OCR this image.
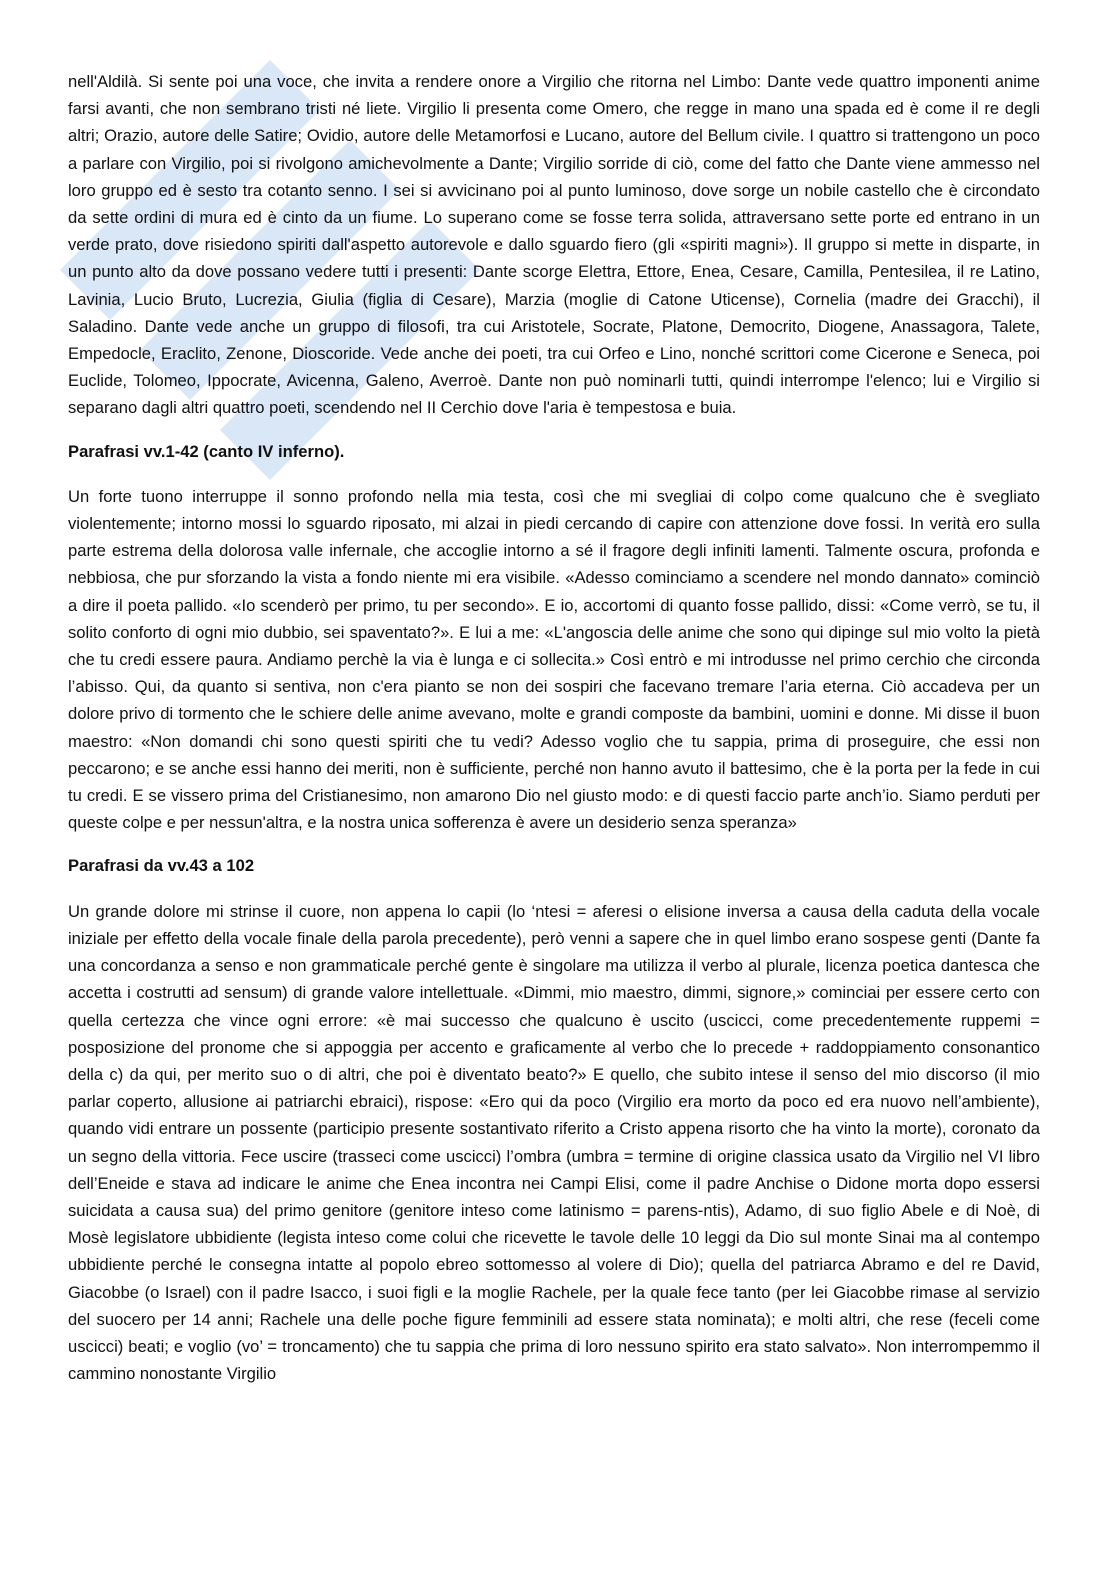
nell'Aldilà. Si sente poi una voce, che invita a rendere onore a Virgilio che ritorna nel Limbo: Dante vede quattro imponenti anime farsi avanti, che non sembrano tristi né liete. Virgilio li presenta come Omero, che regge in mano una spada ed è come il re degli altri; Orazio, autore delle Satire; Ovidio, autore delle Metamorfosi e Lucano, autore del Bellum civile. I quattro si trattengono un poco a parlare con Virgilio, poi si rivolgono amichevolmente a Dante; Virgilio sorride di ciò, come del fatto che Dante viene ammesso nel loro gruppo ed è sesto tra cotanto senno. I sei si avvicinano poi al punto luminoso, dove sorge un nobile castello che è circondato da sette ordini di mura ed è cinto da un fiume. Lo superano come se fosse terra solida, attraversano sette porte ed entrano in un verde prato, dove risiedono spiriti dall'aspetto autorevole e dallo sguardo fiero (gli «spiriti magni»). Il gruppo si mette in disparte, in un punto alto da dove possano vedere tutti i presenti: Dante scorge Elettra, Ettore, Enea, Cesare, Camilla, Pentesilea, il re Latino, Lavinia, Lucio Bruto, Lucrezia, Giulia (figlia di Cesare), Marzia (moglie di Catone Uticense), Cornelia (madre dei Gracchi), il Saladino. Dante vede anche un gruppo di filosofi, tra cui Aristotele, Socrate, Platone, Democrito, Diogene, Anassagora, Talete, Empedocle, Eraclito, Zenone, Dioscoride. Vede anche dei poeti, tra cui Orfeo e Lino, nonché scrittori come Cicerone e Seneca, poi Euclide, Tolomeo, Ippocrate, Avicenna, Galeno, Averroè. Dante non può nominarli tutti, quindi interrompe l'elenco; lui e Virgilio si separano dagli altri quattro poeti, scendendo nel II Cerchio dove l'aria è tempestosa e buia.

Parafrasi vv.1-42 (canto IV inferno).

Un forte tuono interruppe il sonno profondo nella mia testa, così che mi svegliai di colpo come qualcuno che è svegliato violentemente; intorno mossi lo sguardo riposato, mi alzai in piedi cercando di capire con attenzione dove fossi. In verità ero sulla parte estrema della dolorosa valle infernale, che accoglie intorno a sé il fragore degli infiniti lamenti. Talmente oscura, profonda e nebbiosa, che pur sforzando la vista a fondo niente mi era visibile. «Adesso cominciamo a scendere nel mondo dannato» cominciò a dire il poeta pallido. «Io scenderò per primo, tu per secondo». E io, accortomi di quanto fosse pallido, dissi: «Come verrò, se tu, il solito conforto di ogni mio dubbio, sei spaventato?». E lui a me: «L'angoscia delle anime che sono qui dipinge sul mio volto la pietà che tu credi essere paura. Andiamo perchè la via è lunga e ci sollecita.» Così entrò e mi introdusse nel primo cerchio che circonda l’abisso. Qui, da quanto si sentiva, non c'era pianto se non dei sospiri che facevano tremare l’aria eterna. Ciò accadeva per un dolore privo di tormento che le schiere delle anime avevano, molte e grandi composte da bambini, uomini e donne. Mi disse il buon maestro: «Non domandi chi sono questi spiriti che tu vedi? Adesso voglio che tu sappia, prima di proseguire, che essi non peccarono; e se anche essi hanno dei meriti, non è sufficiente, perché non hanno avuto il battesimo, che è la porta per la fede in cui tu credi. E se vissero prima del Cristianesimo, non amarono Dio nel giusto modo: e di questi faccio parte anch’io. Siamo perduti per queste colpe e per nessun'altra, e la nostra unica sofferenza è avere un desiderio senza speranza»

Parafrasi da vv.43 a 102

Un grande dolore mi strinse il cuore, non appena lo capii (lo ‘ntesi = aferesi o elisione inversa a causa della caduta della vocale iniziale per effetto della vocale finale della parola precedente), però venni a sapere che in quel limbo erano sospese genti (Dante fa una concordanza a senso e non grammaticale perché gente è singolare ma utilizza il verbo al plurale, licenza poetica dantesca che accetta i costrutti ad sensum) di grande valore intellettuale. «Dimmi, mio maestro, dimmi, signore,» cominciai per essere certo con quella certezza che vince ogni errore: «è mai successo che qualcuno è uscito (uscicci, come precedentemente ruppemi = posposizione del pronome che si appoggia per accento e graficamente al verbo che lo precede + raddoppiamento consonantico della c) da qui, per merito suo o di altri, che poi è diventato beato?» E quello, che subito intese il senso del mio discorso (il mio parlar coperto, allusione ai patriarchi ebraici), rispose: «Ero qui da poco (Virgilio era morto da poco ed era nuovo nell’ambiente), quando vidi entrare un possente (participio presente sostantivato riferito a Cristo appena risorto che ha vinto la morte), coronato da un segno della vittoria. Fece uscire (trasseci come uscicci) l’ombra (umbra = termine di origine classica usato da Virgilio nel VI libro dell’Eneide e stava ad indicare le anime che Enea incontra nei Campi Elisi, come il padre Anchise o Didone morta dopo essersi suicidata a causa sua) del primo genitore (genitore inteso come latinismo = parens-ntis), Adamo, di suo figlio Abele e di Noè, di Mosè legislatore ubbidiente (legista inteso come colui che ricevette le tavole delle 10 leggi da Dio sul monte Sinai ma al contempo ubbidiente perché le consegna intatte al popolo ebreo sottomesso al volere di Dio); quella del patriarca Abramo e del re David, Giacobbe (o Israel) con il padre Isacco, i suoi figli e la moglie Rachele, per la quale fece tanto (per lei Giacobbe rimase al servizio del suocero per 14 anni; Rachele una delle poche figure femminili ad essere stata nominata); e molti altri, che rese (feceli come uscicci) beati; e voglio (vo’ = troncamento) che tu sappia che prima di loro nessuno spirito era stato salvato». Non interrompemmo il cammino nonostante Virgilio
